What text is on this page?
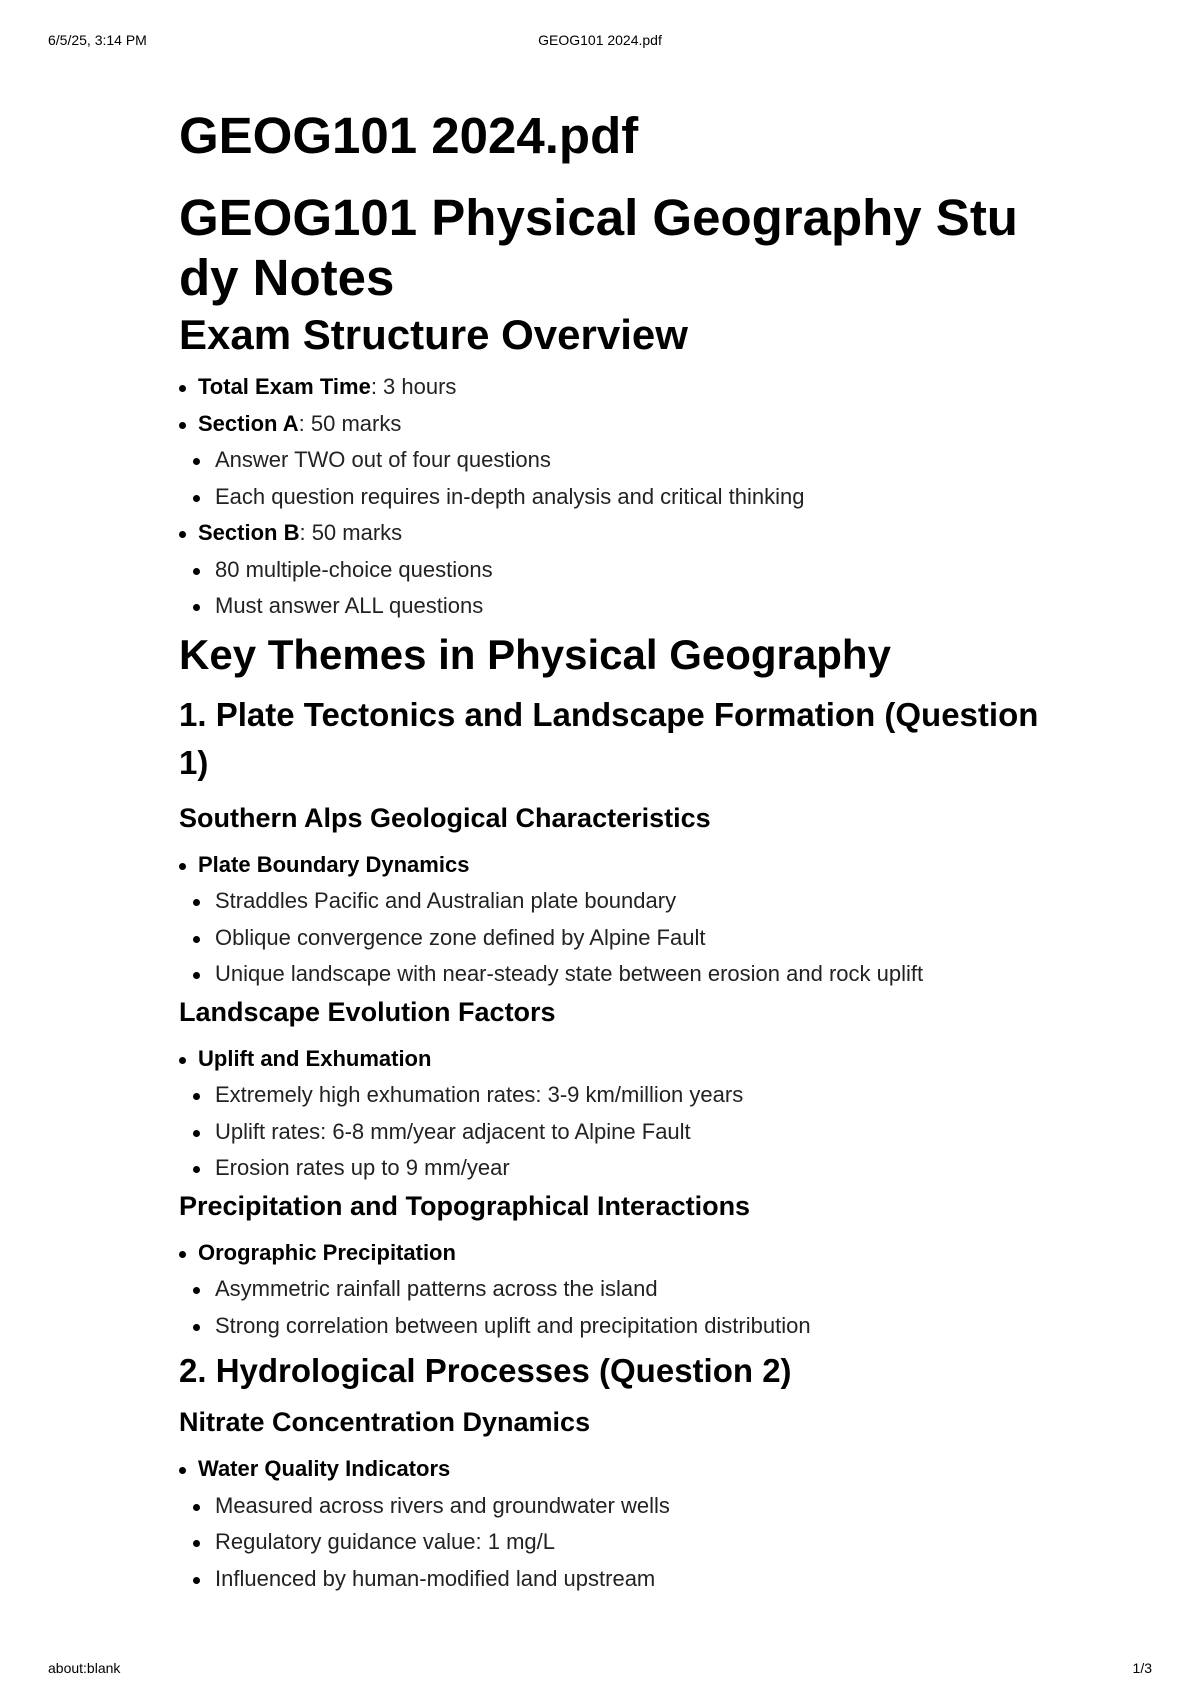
6/5/25, 3:14 PM	GEOG101 2024.pdf
GEOG101 2024.pdf
GEOG101 Physical Geography Study Notes
Exam Structure Overview
Total Exam Time: 3 hours
Section A: 50 marks
Answer TWO out of four questions
Each question requires in-depth analysis and critical thinking
Section B: 50 marks
80 multiple-choice questions
Must answer ALL questions
Key Themes in Physical Geography
1. Plate Tectonics and Landscape Formation (Question 1)
Southern Alps Geological Characteristics
Plate Boundary Dynamics
Straddles Pacific and Australian plate boundary
Oblique convergence zone defined by Alpine Fault
Unique landscape with near-steady state between erosion and rock uplift
Landscape Evolution Factors
Uplift and Exhumation
Extremely high exhumation rates: 3-9 km/million years
Uplift rates: 6-8 mm/year adjacent to Alpine Fault
Erosion rates up to 9 mm/year
Precipitation and Topographical Interactions
Orographic Precipitation
Asymmetric rainfall patterns across the island
Strong correlation between uplift and precipitation distribution
2. Hydrological Processes (Question 2)
Nitrate Concentration Dynamics
Water Quality Indicators
Measured across rivers and groundwater wells
Regulatory guidance value: 1 mg/L
Influenced by human-modified land upstream
about:blank	1/3
